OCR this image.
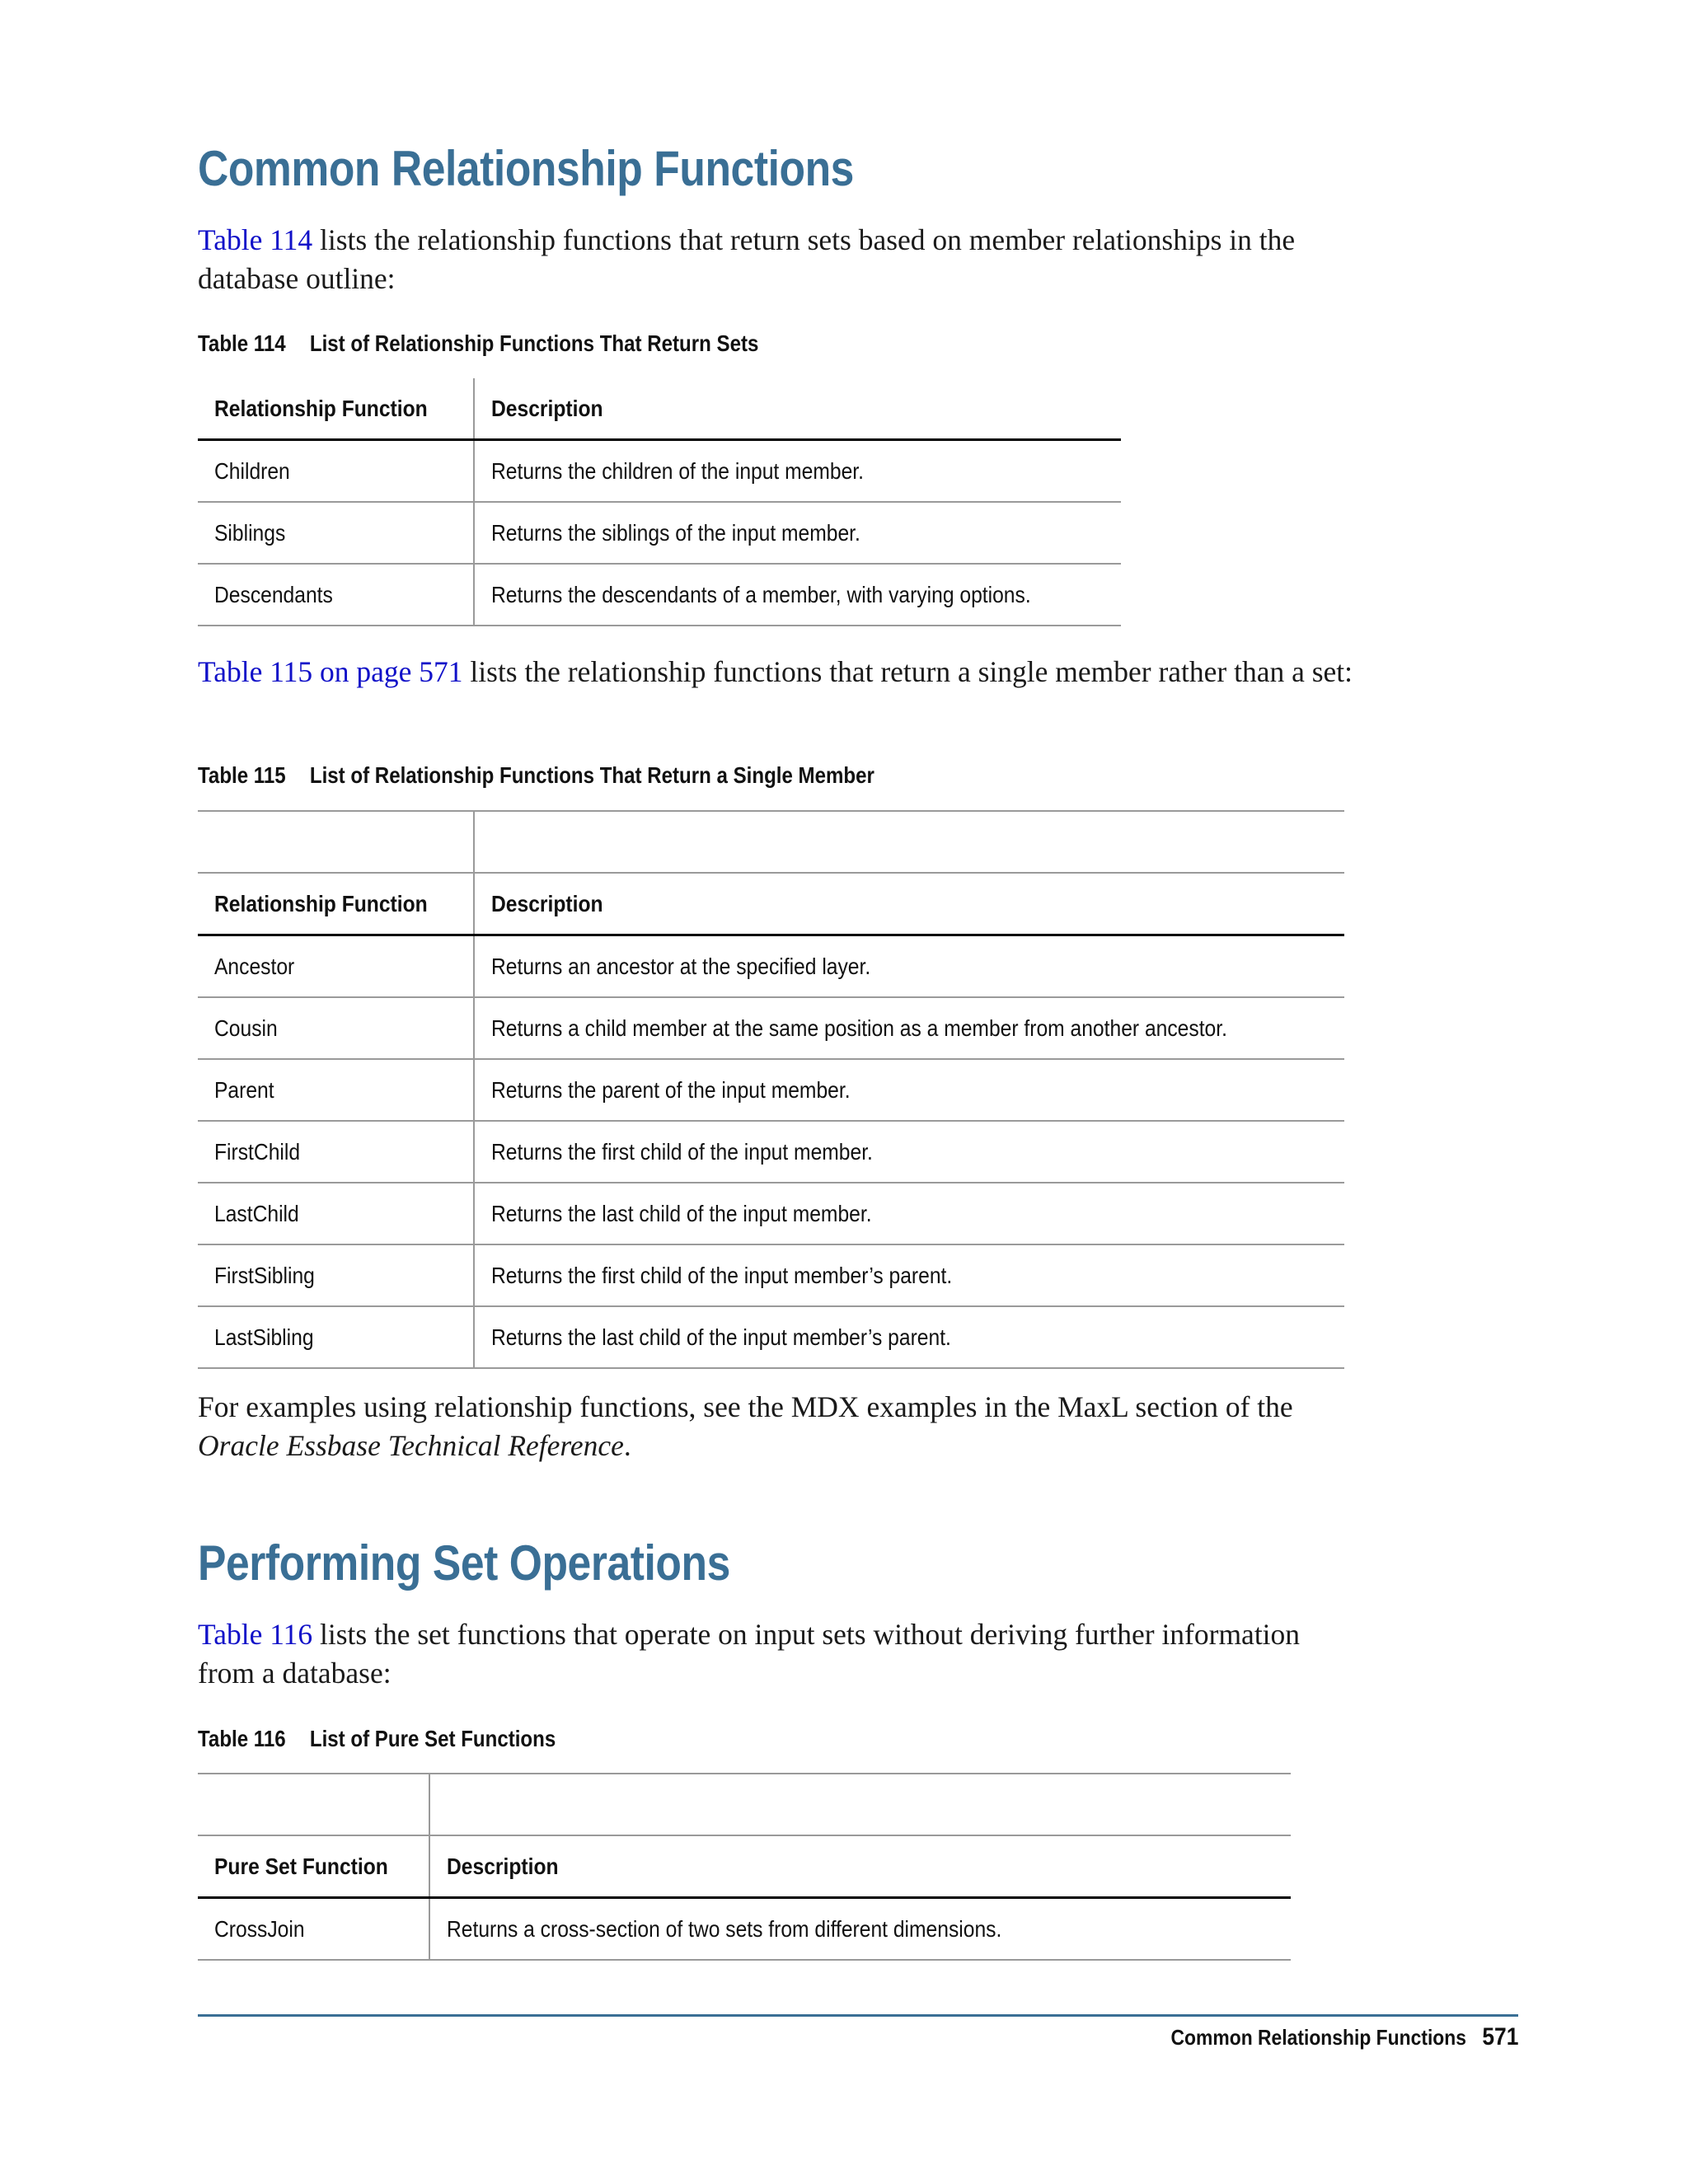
Common Relationship Functions

Table 114 lists the relationship functions that return sets based on member relationships in the database outline:

Table 114 List of Relationship Functions That Return Sets
Relationship Function	Description
Children	Returns the children of the input member.
Siblings	Returns the siblings of the input member.
Descendants	Returns the descendants of a member, with varying options.

Table 115 on page 571 lists the relationship functions that return a single member rather than a set:

Table 115 List of Relationship Functions That Return a Single Member

Relationship Function	Description
Ancestor	Returns an ancestor at the specified layer.
Cousin	Returns a child member at the same position as a member from another ancestor.
Parent	Returns the parent of the input member.
FirstChild	Returns the first child of the input member.
LastChild	Returns the last child of the input member.
FirstSibling	Returns the first child of the input member’s parent.
LastSibling	Returns the last child of the input member’s parent.

For examples using relationship functions, see the MDX examples in the MaxL section of the Oracle Essbase Technical Reference.

Performing Set Operations

Table 116 lists the set functions that operate on input sets without deriving further information from a database:

Table 116 List of Pure Set Functions

Pure Set Function	Description
CrossJoin	Returns a cross-section of two sets from different dimensions.
Common Relationship Functions 571
